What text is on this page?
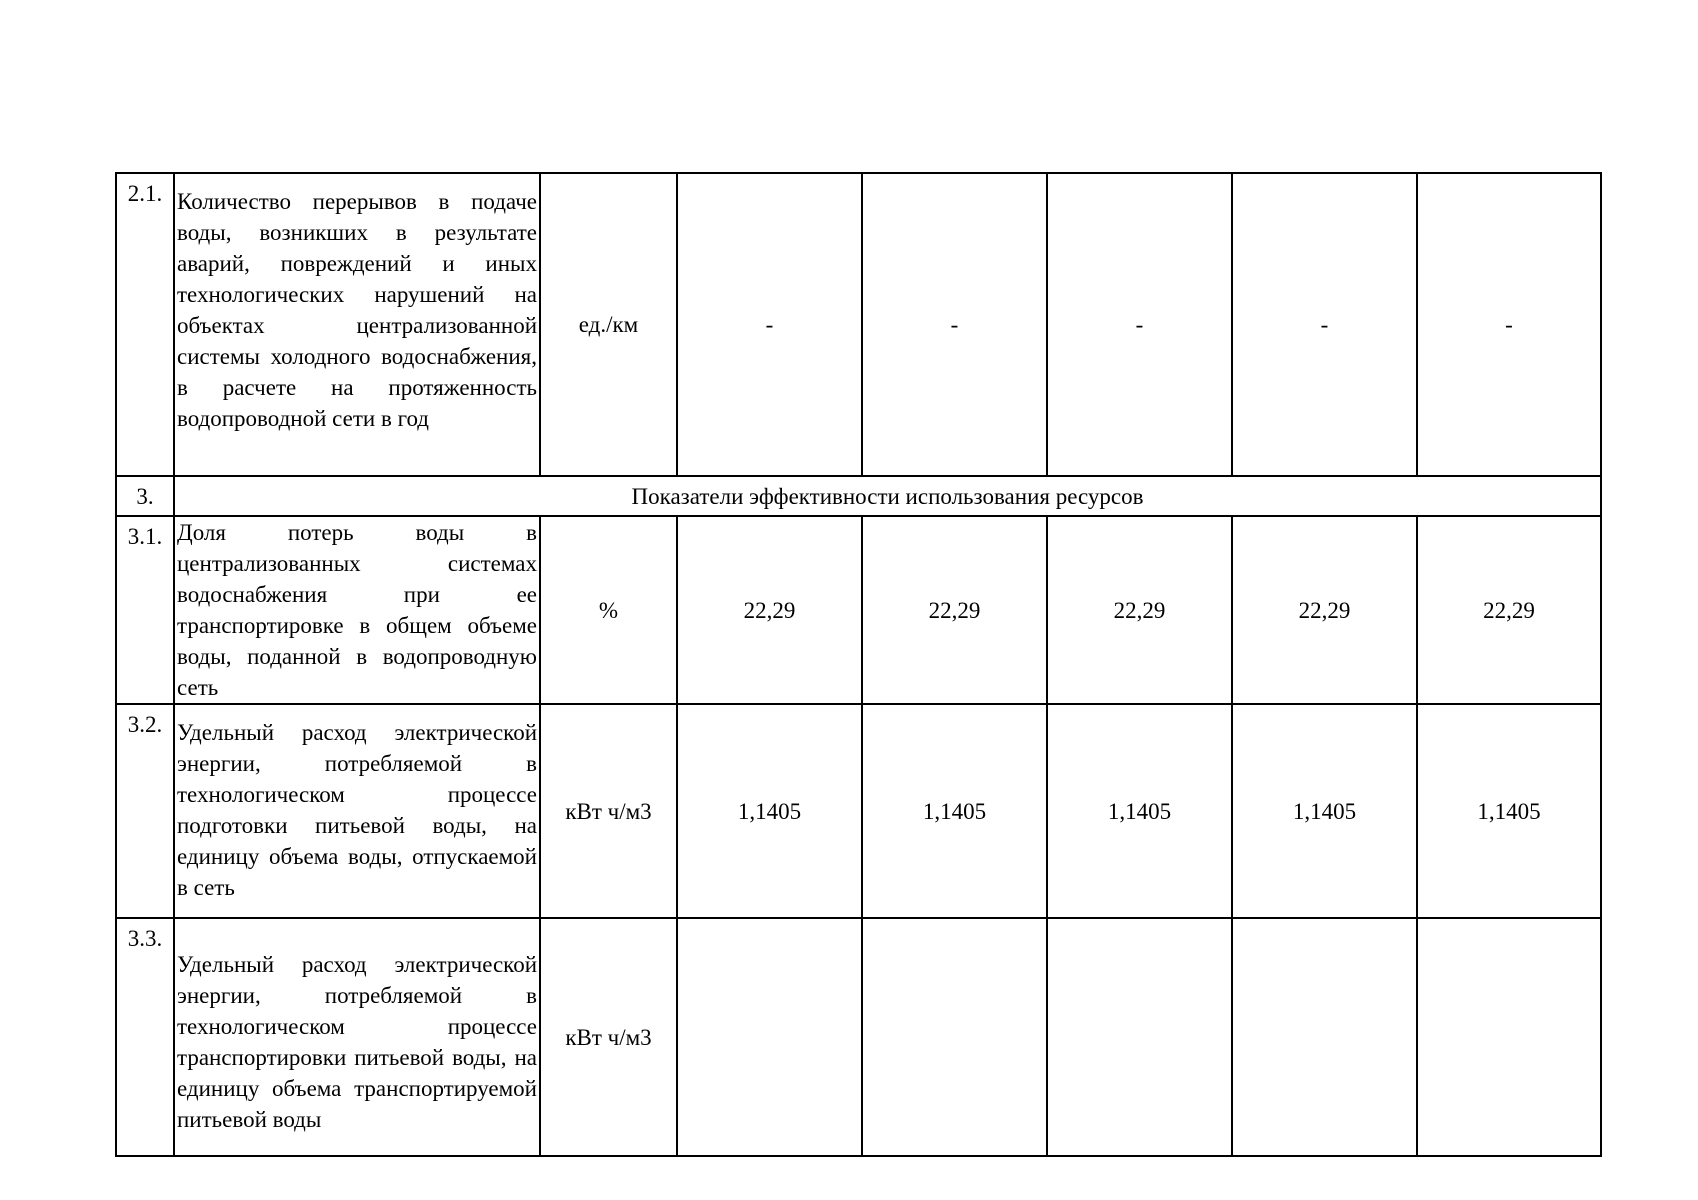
2.1.	Количество перерывов в подаче воды, возникших в результате аварий, повреждений и иных технологических нарушений на объектах централизованной системы холодного водоснабжения, в расчете на протяженность водопроводной сети в год	ед./км	-	-	-	-	-
3.	Показатели эффективности использования ресурсов						
3.1.	Доля потерь воды в централизованных системах водоснабжения при ее транспортировке в общем объеме воды, поданной в водопроводную сеть	%	22,29	22,29	22,29	22,29	22,29
3.2.	Удельный расход электрической энергии, потребляемой в технологическом процессе подготовки питьевой воды, на единицу объема воды, отпускаемой в сеть	кВт ч/м3	1,1405	1,1405	1,1405	1,1405	1,1405
3.3.	Удельный расход электрической энергии, потребляемой в технологическом процессе транспортировки питьевой воды, на единицу объема транспортируемой питьевой воды	кВт ч/м3					
